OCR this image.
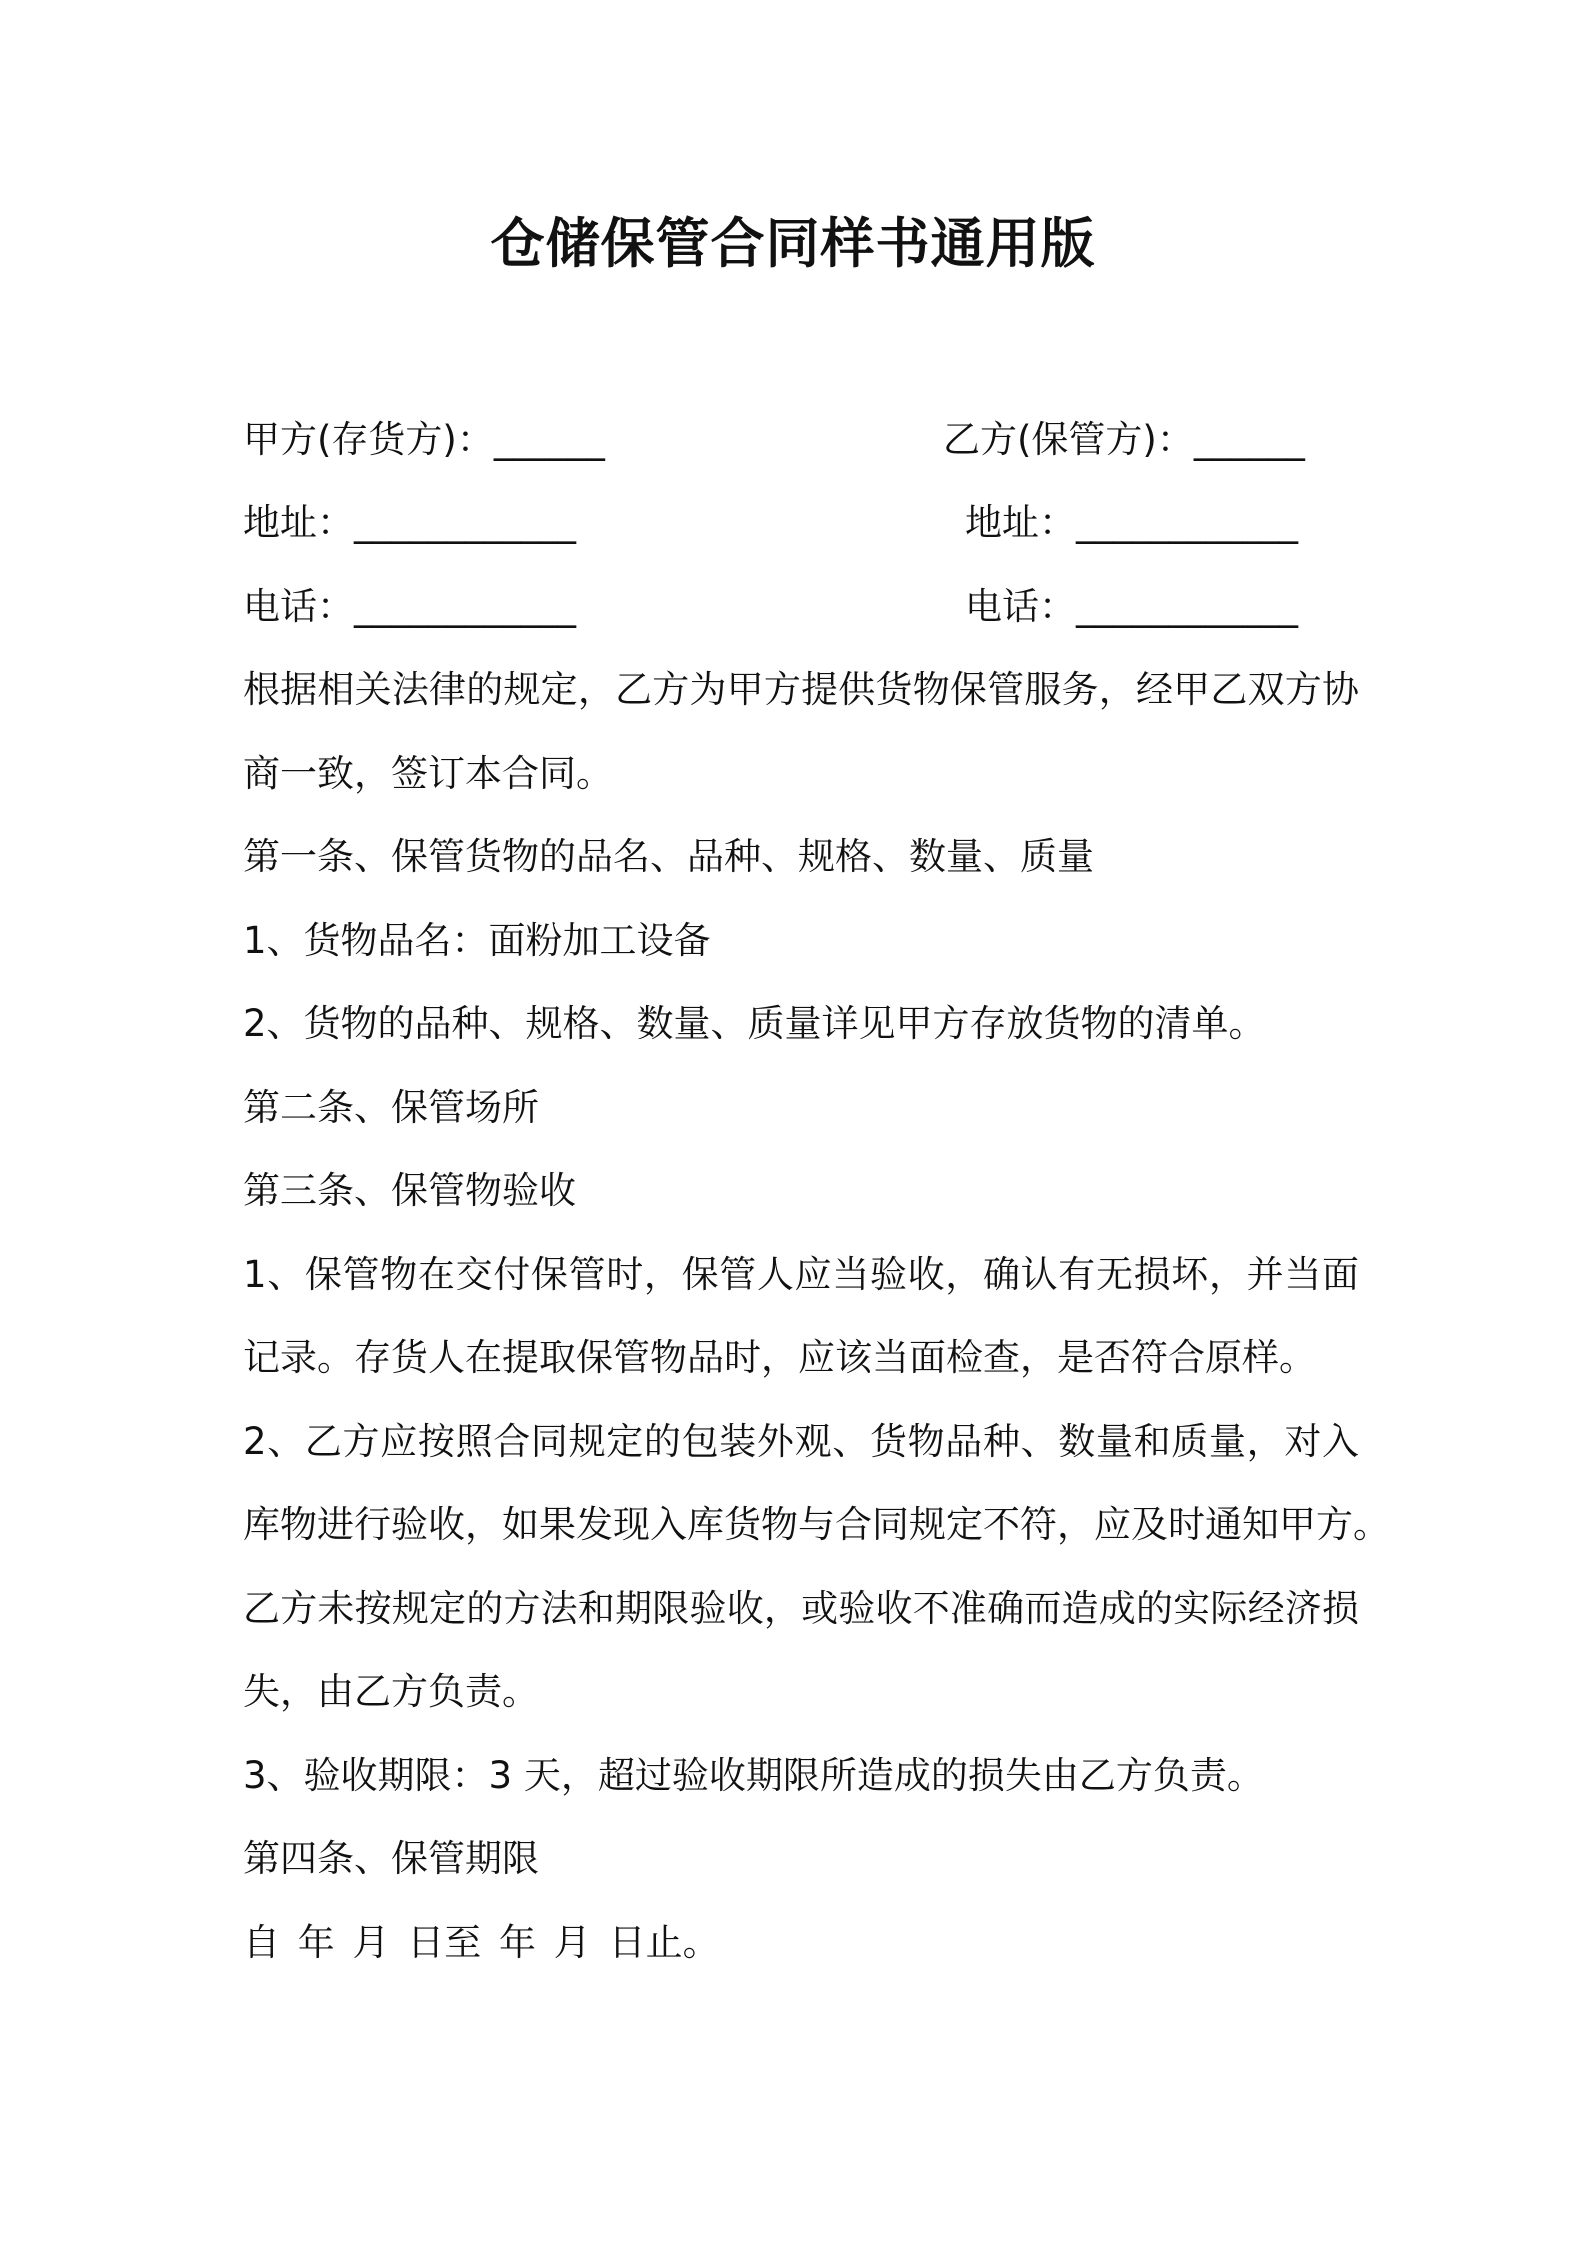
仓储保管合同样书通用版
甲方(存货方)：______	乙方(保管方)：______
地址：____________	地址：____________
电话：____________	电话：____________
根据相关法律的规定，乙方为甲方提供货物保管服务，经甲乙双方协
商一致，签订本合同。
第一条、保管货物的品名、品种、规格、数量、质量
1、货物品名：面粉加工设备
2、货物的品种、规格、数量、质量详见甲方存放货物的清单。
第二条、保管场所
第三条、保管物验收
1、保管物在交付保管时，保管人应当验收，确认有无损坏，并当面
记录。存货人在提取保管物品时，应该当面检查，是否符合原样。
2、乙方应按照合同规定的包装外观、货物品种、数量和质量，对入
库物进行验收，如果发现入库货物与合同规定不符，应及时通知甲方。
乙方未按规定的方法和期限验收，或验收不准确而造成的实际经济损
失，由乙方负责。
3、验收期限：3 天，超过验收期限所造成的损失由乙方负责。
第四条、保管期限
自 年 月 日至 年 月 日止。
